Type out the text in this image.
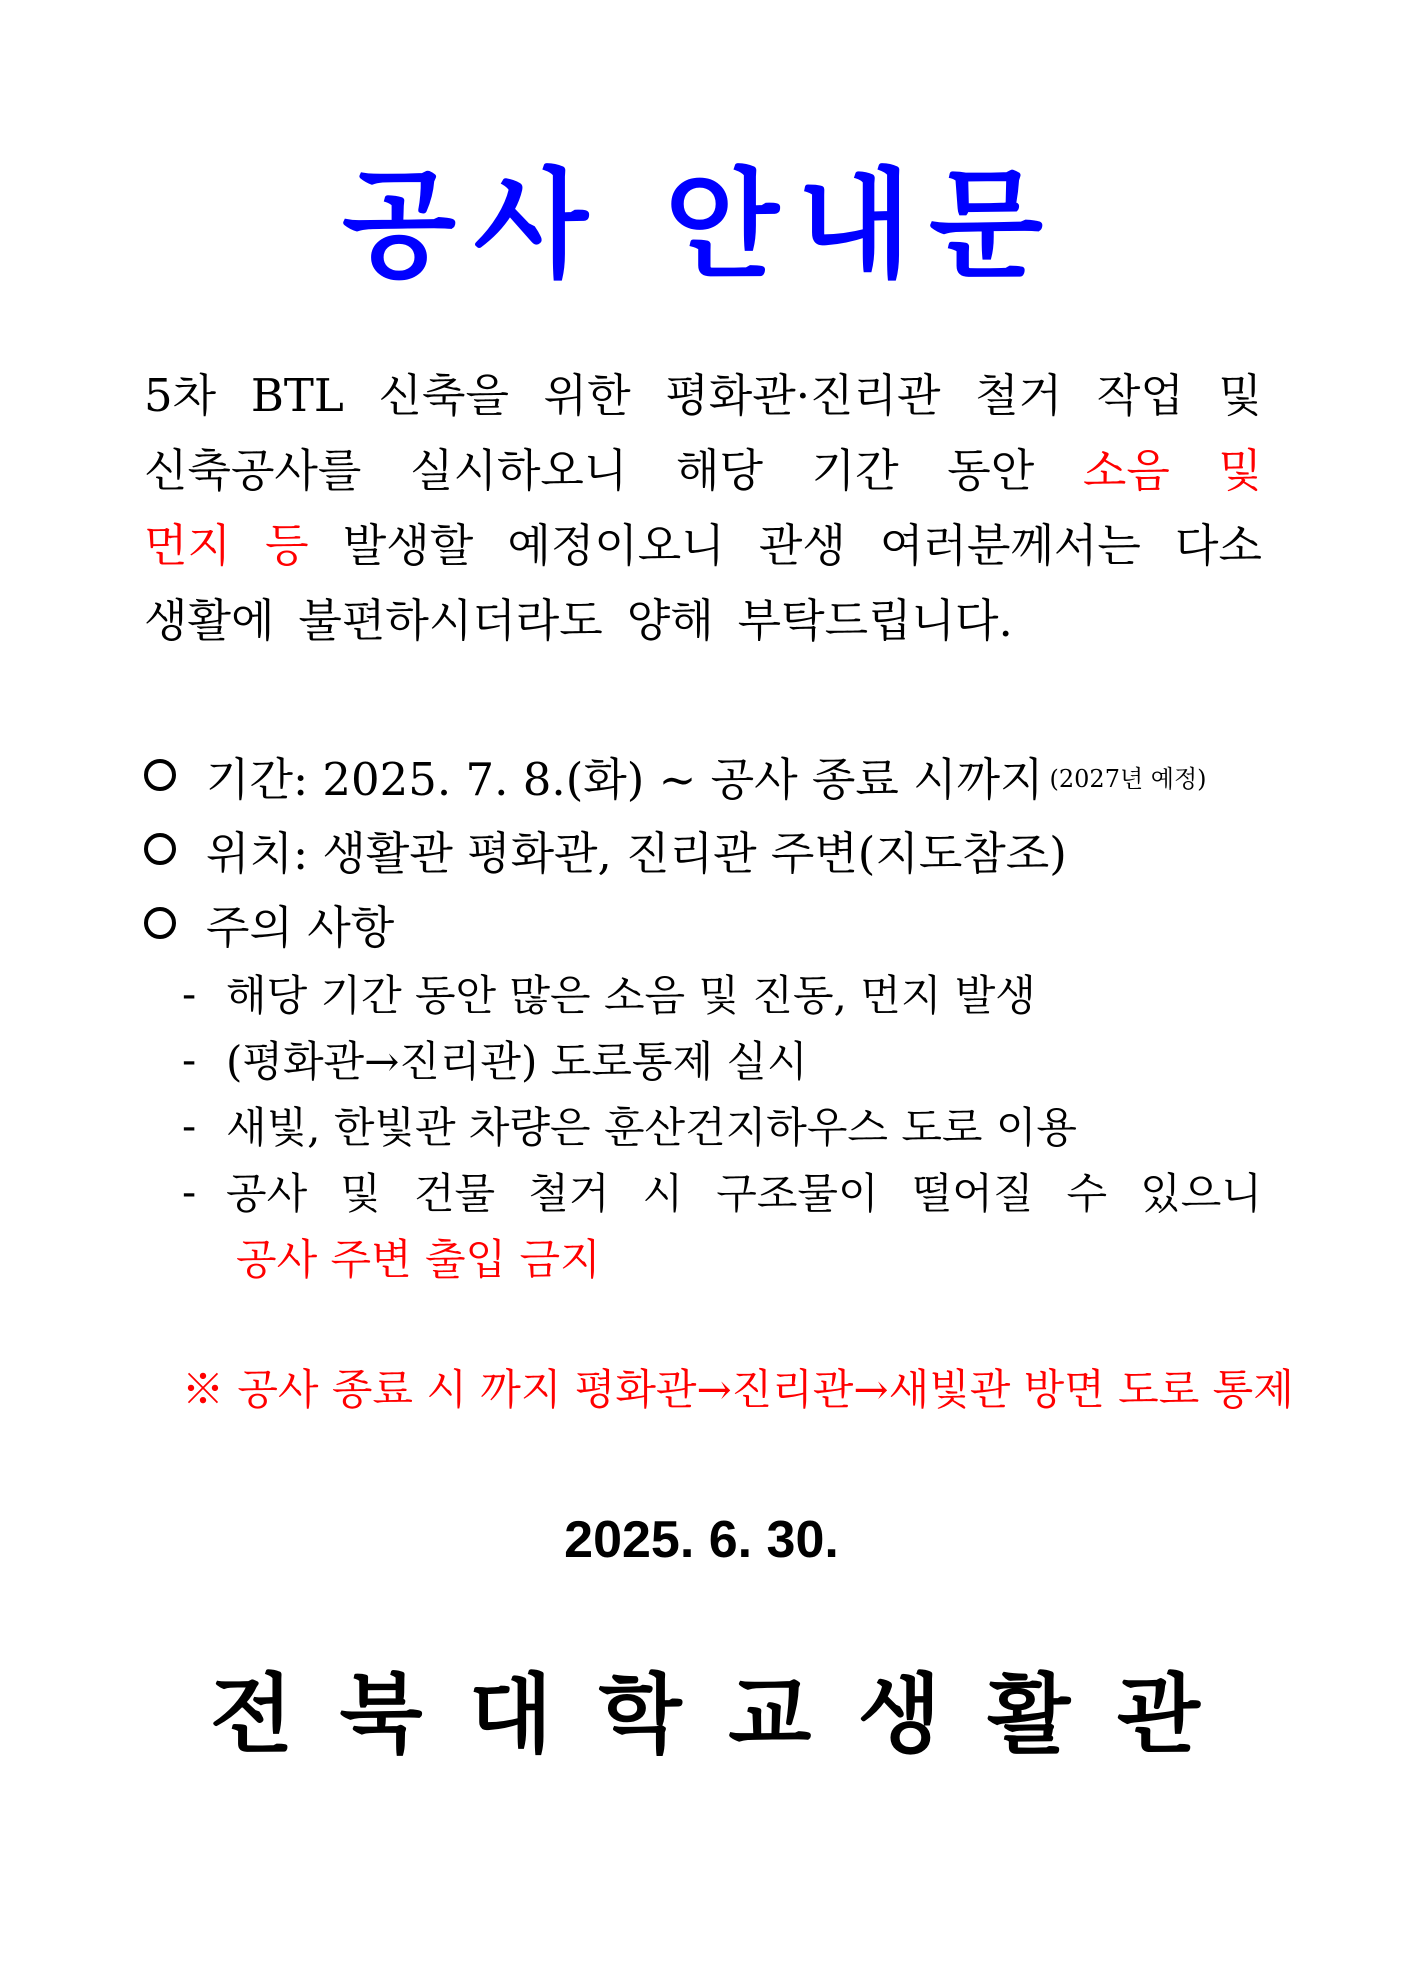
공사 안내문
5차 BTL 신축을 위한 평화관·진리관 철거 작업 및
신축공사를 실시하오니 해당 기간 동안 소음 및
먼지 등 발생할 예정이오니 관생 여러분께서는 다소
생활에 불편하시더라도 양해 부탁드립니다.
기간: 2025. 7. 8.(화) ~ 공사 종료 시까지 (2027년 예정)
위치: 생활관 평화관, 진리관 주변(지도참조)
주의 사항
- 해당 기간 동안 많은 소음 및 진동, 먼지 발생
- (평화관→진리관) 도로통제 실시
- 새빛, 한빛관 차량은 훈산건지하우스 도로 이용
- 공사 및 건물 철거 시 구조물이 떨어질 수 있으니
공사 주변 출입 금지
※ 공사 종료 시 까지 평화관→진리관→새빛관 방면 도로 통제
2025. 6. 30.
전 북 대 학 교 생 활 관
